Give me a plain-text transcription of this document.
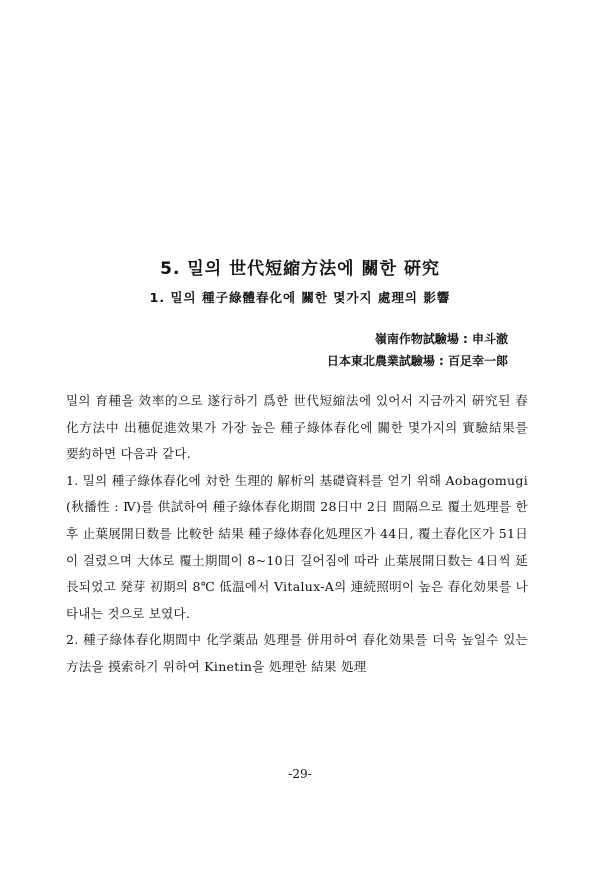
5. 밀의 世代短縮方法에 關한 硏究
1. 밀의 種子綠體春化에 關한 몇가지 處理의 影響
嶺南作物試驗場 : 申斗澈
日本東北農業試驗場 : 百足幸一郞

밀의 育種을 效率的으로 遂行하기 爲한 世代短縮法에 있어서 지금까지 硏究된 春化方法中 出穗促進效果가 가장 높은 種子綠体春化에 關한 몇가지의 實驗結果를 要約하면 다음과 같다.

1. 밀의 種子綠体春化에 対한 生理的 解析의 基礎資料를 얻기 위해 Aobagomugi (秋播性 : Ⅳ)를 供試하여 種子綠体春化期間 28日中 2日 間隔으로 覆土処理를 한후 止葉展開日数를 比較한 結果 種子綠体春化処理区가 44日, 覆土春化区가 51日이 걸렸으며 大体로 覆土期間이 8~10日 길어짐에 따라 止葉展開日数는 4日씩 延長되었고 発芽 初期의 8℃ 低温에서 Vitalux-A의 連続照明이 높은 春化効果를 나타내는 것으로 보였다.

2. 種子綠体春化期間中 化学薬品 処理를 併用하여 春化効果를 더욱 높일수 있는 方法을 摸索하기 위하여 Kinetin을 処理한 結果 処理

-29-
